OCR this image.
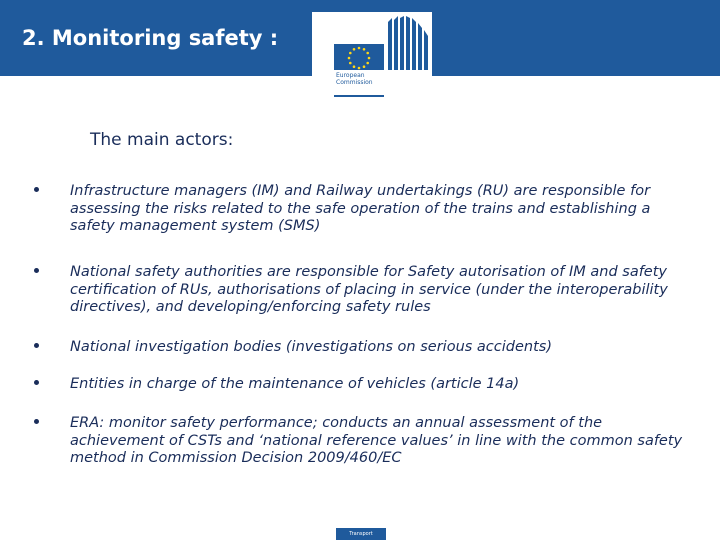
2. Monitoring safety :
European
Commission
The main actors:
Infrastructure managers (IM) and Railway undertakings (RU) are responsible for assessing the risks related to the safe operation of the trains and establishing a safety management system (SMS)
National safety authorities are responsible for Safety autorisation of IM and safety certification of RUs, authorisations of placing in service (under the interoperability directives), and developing/enforcing safety rules
National investigation bodies (investigations on serious accidents)
Entities in charge of the maintenance of vehicles (article 14a)
ERA: monitor safety performance; conducts an annual assessment of the achievement of CSTs and ‘national reference values’ in line with the common safety method in Commission Decision 2009/460/EC
Transport
